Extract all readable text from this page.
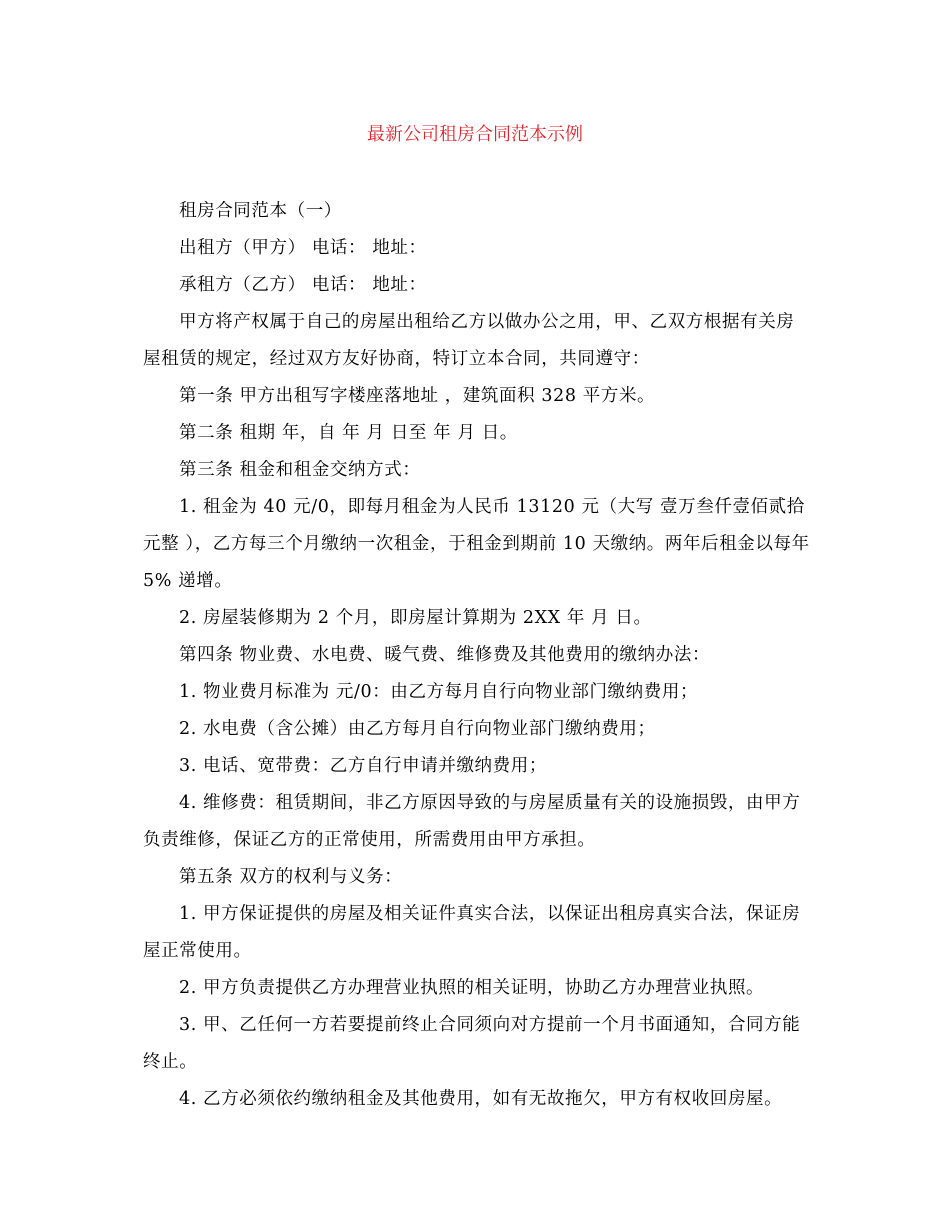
最新公司租房合同范本示例

租房合同范本（一）

出租方（甲方） 电话： 地址：

承租方（乙方） 电话： 地址：

甲方将产权属于自己的房屋出租给乙方以做办公之用，甲、乙双方根据有关房屋租赁的规定，经过双方友好协商，特订立本合同，共同遵守：

第一条 甲方出租写字楼座落地址 ，建筑面积 328 平方米。

第二条 租期 年，自 年 月 日至 年 月 日。

第三条 租金和租金交纳方式：

1. 租金为 40 元/0，即每月租金为人民币 13120 元（大写 壹万叁仟壹佰贰拾元整 ），乙方每三个月缴纳一次租金，于租金到期前 10 天缴纳。两年后租金以每年 5% 递增。

2. 房屋装修期为 2 个月，即房屋计算期为 2XX 年 月 日。

第四条 物业费、水电费、暖气费、维修费及其他费用的缴纳办法：

1. 物业费月标准为 元/0：由乙方每月自行向物业部门缴纳费用；

2. 水电费（含公摊）由乙方每月自行向物业部门缴纳费用；

3. 电话、宽带费：乙方自行申请并缴纳费用；

4. 维修费：租赁期间，非乙方原因导致的与房屋质量有关的设施损毁，由甲方负责维修，保证乙方的正常使用，所需费用由甲方承担。

第五条 双方的权利与义务：

1. 甲方保证提供的房屋及相关证件真实合法，以保证出租房真实合法，保证房屋正常使用。

2. 甲方负责提供乙方办理营业执照的相关证明，协助乙方办理营业执照。

3. 甲、乙任何一方若要提前终止合同须向对方提前一个月书面通知，合同方能终止。

4. 乙方必须依约缴纳租金及其他费用，如有无故拖欠，甲方有权收回房屋。
